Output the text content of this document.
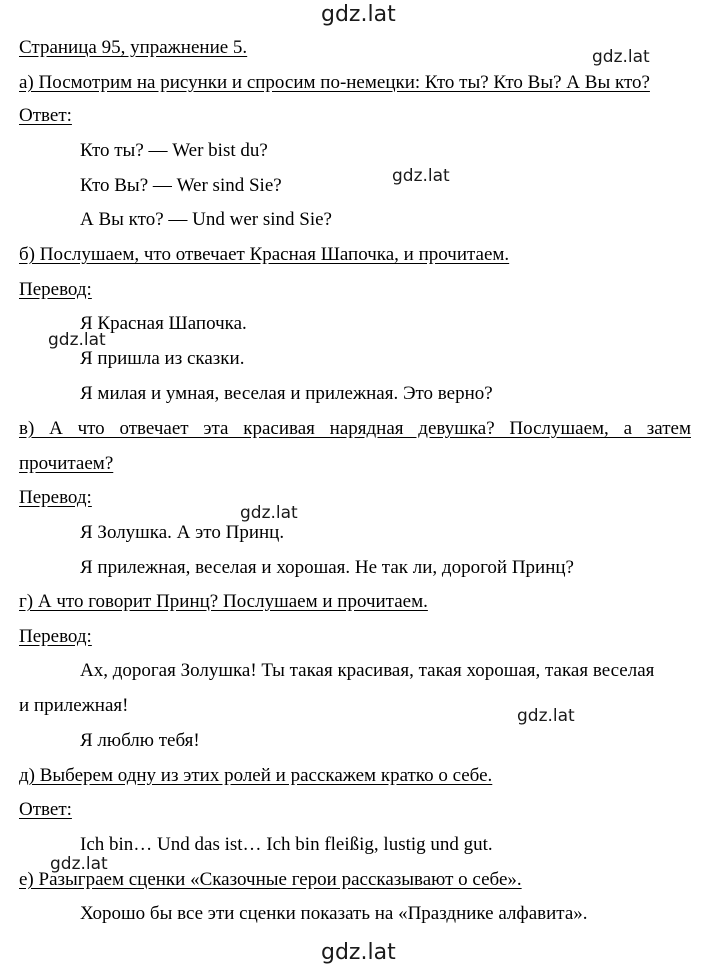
gdz.lat
gdz.lat
gdz.lat
gdz.lat
gdz.lat
gdz.lat
gdz.lat
gdz.lat
Страница 95, упражнение 5.
а) Посмотрим на рисунки и спросим по-немецки: Кто ты? Кто Вы? А Вы кто?
Ответ:
Кто ты? — Wer bist du?
Кто Вы? — Wer sind Sie?
А Вы кто? — Und wer sind Sie?
б) Послушаем, что отвечает Красная Шапочка, и прочитаем.
Перевод:
Я Красная Шапочка.
Я пришла из сказки.
Я милая и умная, веселая и прилежная. Это верно?
в) А что отвечает эта красивая нарядная девушка? Послушаем, а затем
прочитаем?
Перевод:
Я Золушка. А это Принц.
Я прилежная, веселая и хорошая. Не так ли, дорогой Принц?
г) А что говорит Принц? Послушаем и прочитаем.
Перевод:
Ах, дорогая Золушка! Ты такая красивая, такая хорошая, такая веселая
и прилежная!
Я люблю тебя!
д) Выберем одну из этих ролей и расскажем кратко о себе.
Ответ:
Ich bin… Und das ist… Ich bin fleißig, lustig und gut.
е) Разыграем сценки «Сказочные герои рассказывают о себе».
Хорошо бы все эти сценки показать на «Празднике алфавита».
